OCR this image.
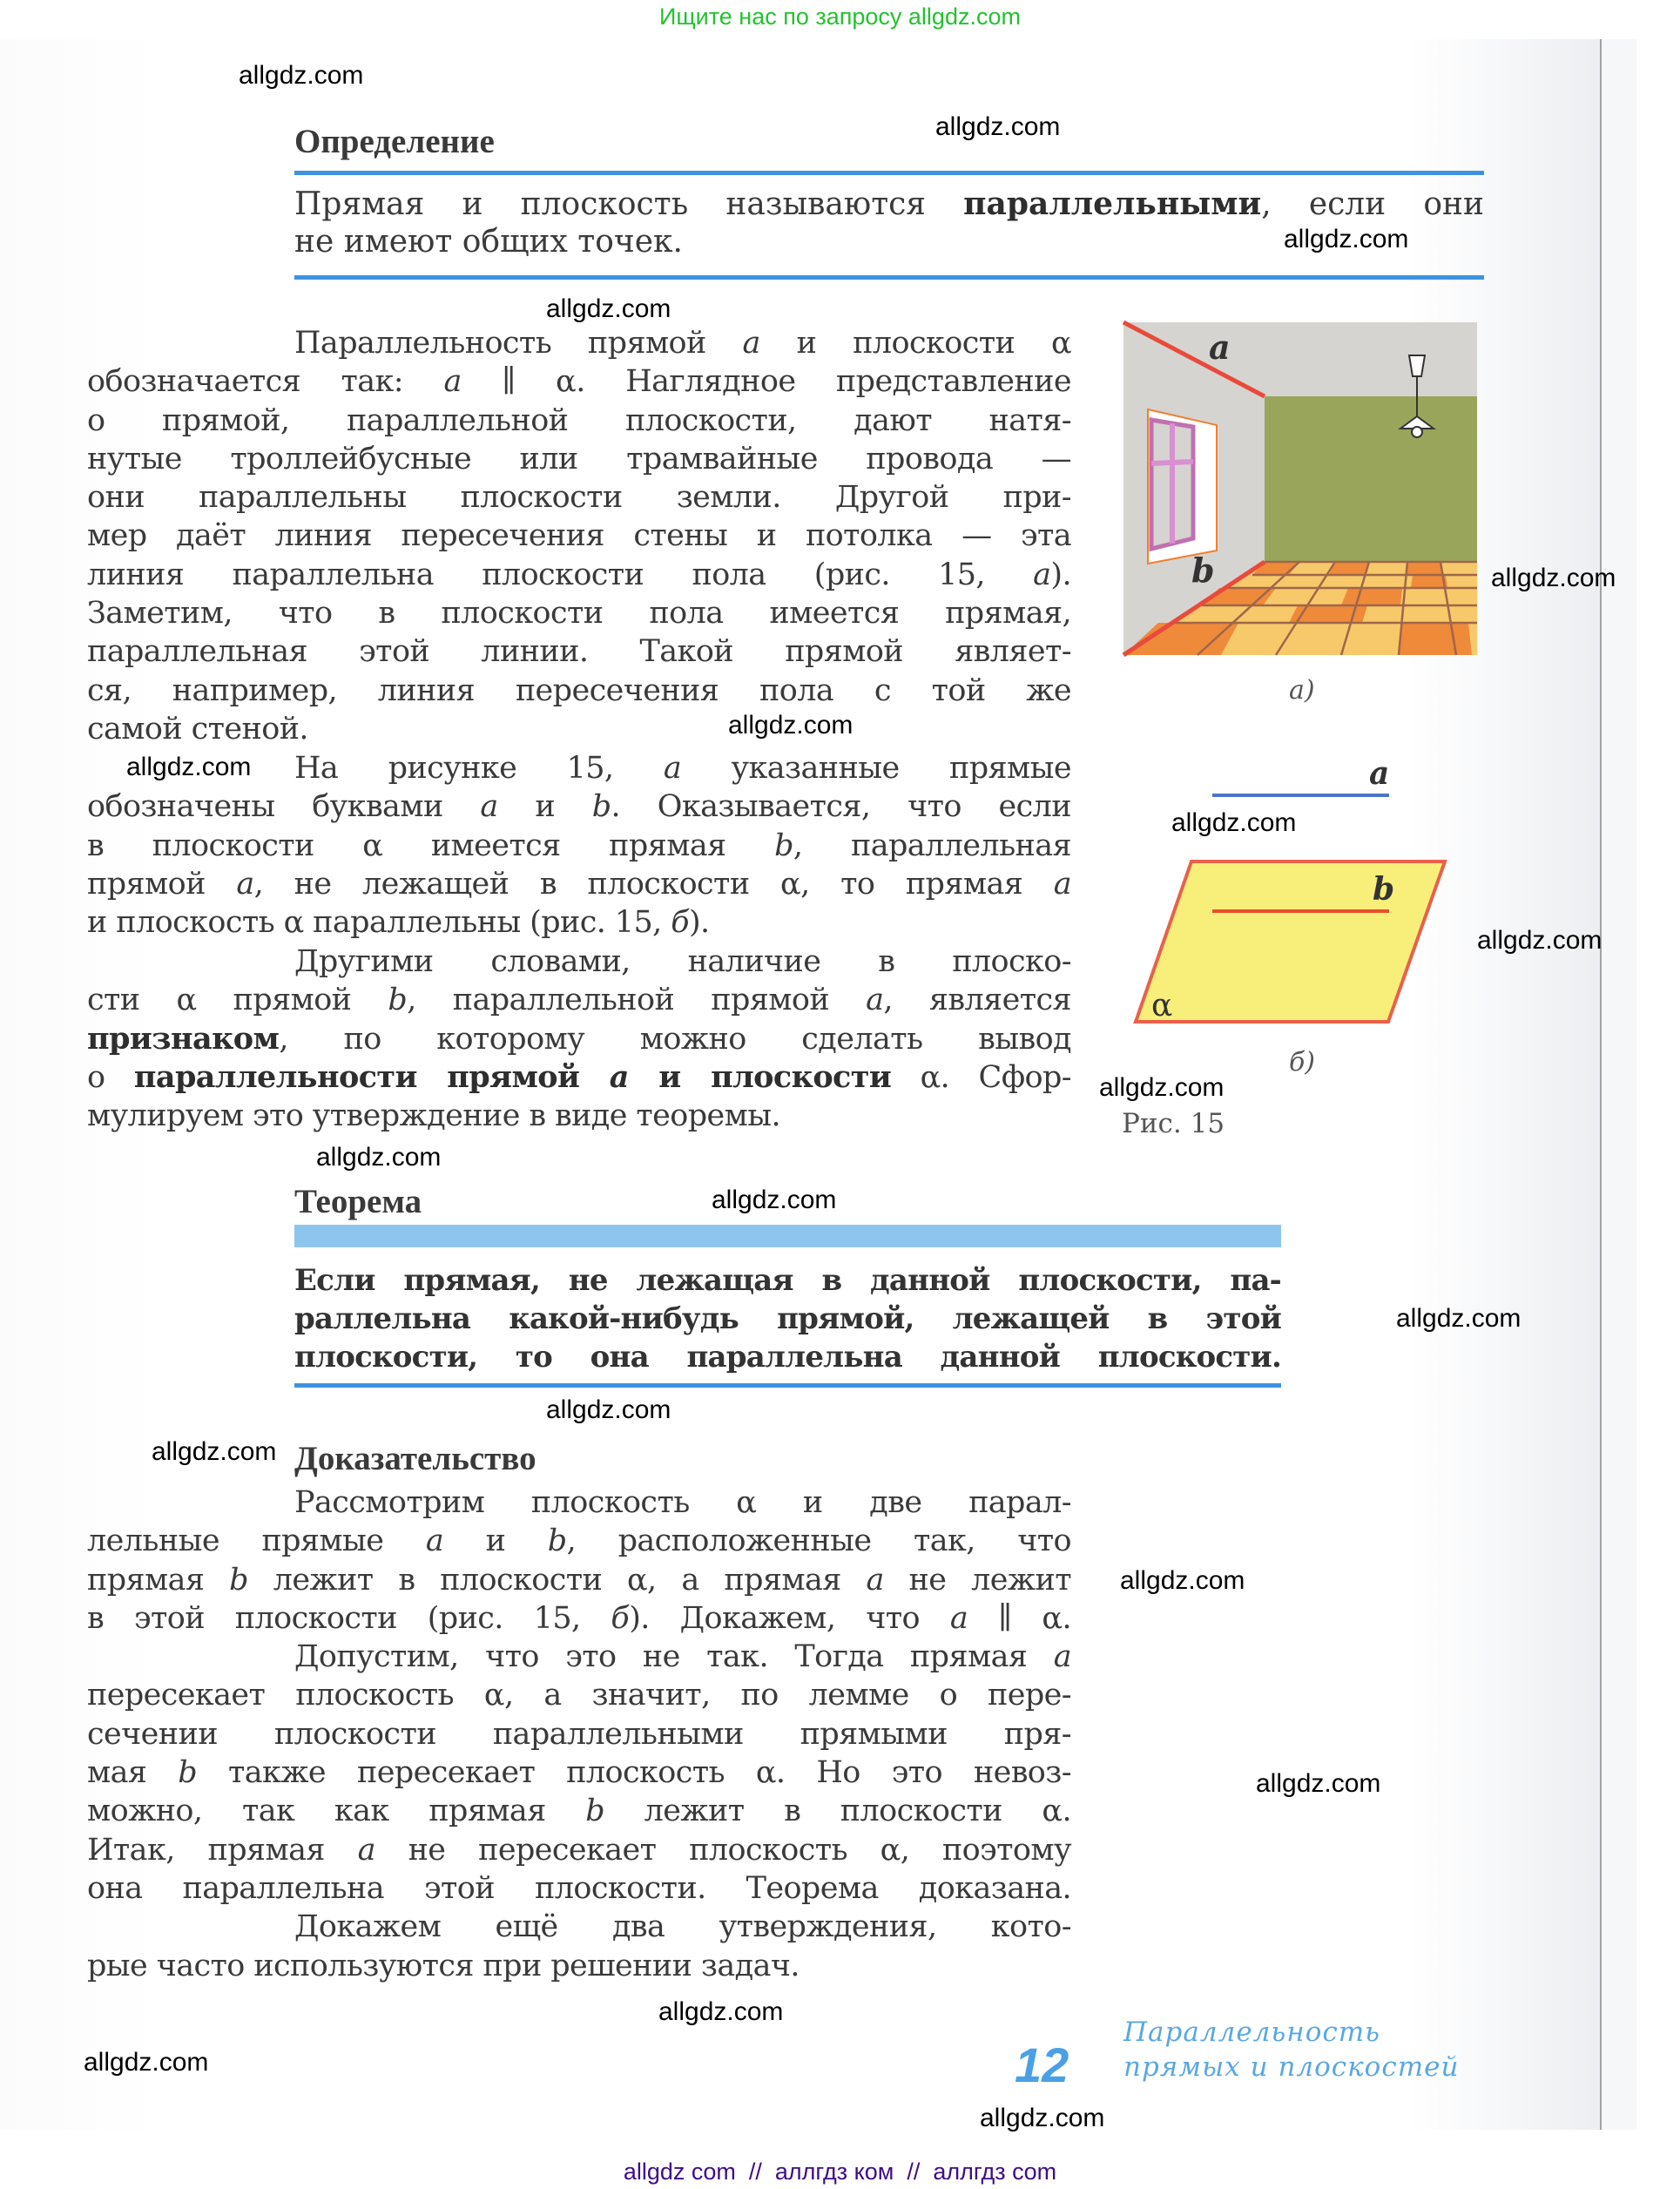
Ищите нас по запросу allgdz.com
Определение
Прямая и плоскость называются параллельными, если они
не имеют общих точек.
Параллельность прямой a и плоскости α
обозначается так: a ∥ α. Наглядное представление
о прямой, параллельной плоскости, дают натя-
нутые троллейбусные или трамвайные провода —
они параллельны плоскости земли. Другой при-
мер даёт линия пересечения стены и потолка — эта
линия параллельна плоскости пола (рис. 15, а).
Заметим, что в плоскости пола имеется прямая,
параллельная этой линии. Такой прямой являет-
ся, например, линия пересечения пола с той же
самой стеной.
На рисунке 15, а указанные прямые
обозначены буквами a и b. Оказывается, что если
в плоскости α имеется прямая b, параллельная
прямой a, не лежащей в плоскости α, то прямая a
и плоскость α параллельны (рис. 15, б).
Другими словами, наличие в плоско-
сти α прямой b, параллельной прямой a, является
признаком, по которому можно сделать вывод
о параллельности прямой a и плоскости α. Сфор-
мулируем это утверждение в виде теоремы.
Теорема
Если прямая, не лежащая в данной плоскости, па-
раллельна какой-нибудь прямой, лежащей в этой
плоскости, то она параллельна данной плоскости.
Доказательство
Рассмотрим плоскость α и две парал-
лельные прямые a и b, расположенные так, что
прямая b лежит в плоскости α, а прямая a не лежит
в этой плоскости (рис. 15, б). Докажем, что a ∥ α.
Допустим, что это не так. Тогда прямая a
пересекает плоскость α, а значит, по лемме о пере-
сечении плоскости параллельными прямыми пря-
мая b также пересекает плоскость α. Но это невоз-
можно, так как прямая b лежит в плоскости α.
Итак, прямая a не пересекает плоскость α, поэтому
она параллельна этой плоскости. Теорема доказана.
Докажем ещё два утверждения, кото-
рые часто используются при решении задач.
a
b
а)
a
b
α
б)
Рис. 15
12
Параллельность
прямых и плоскостей
allgdz.com
allgdz.com
allgdz.com
allgdz.com
allgdz.com
allgdz.com
allgdz.com
allgdz.com
allgdz.com
allgdz.com
allgdz.com
allgdz.com
allgdz.com
allgdz.com
allgdz.com
allgdz.com
allgdz.com
allgdz.com
allgdz.com
allgdz.com
allgdz com  //  аллгдз ком  //  аллгдз com
